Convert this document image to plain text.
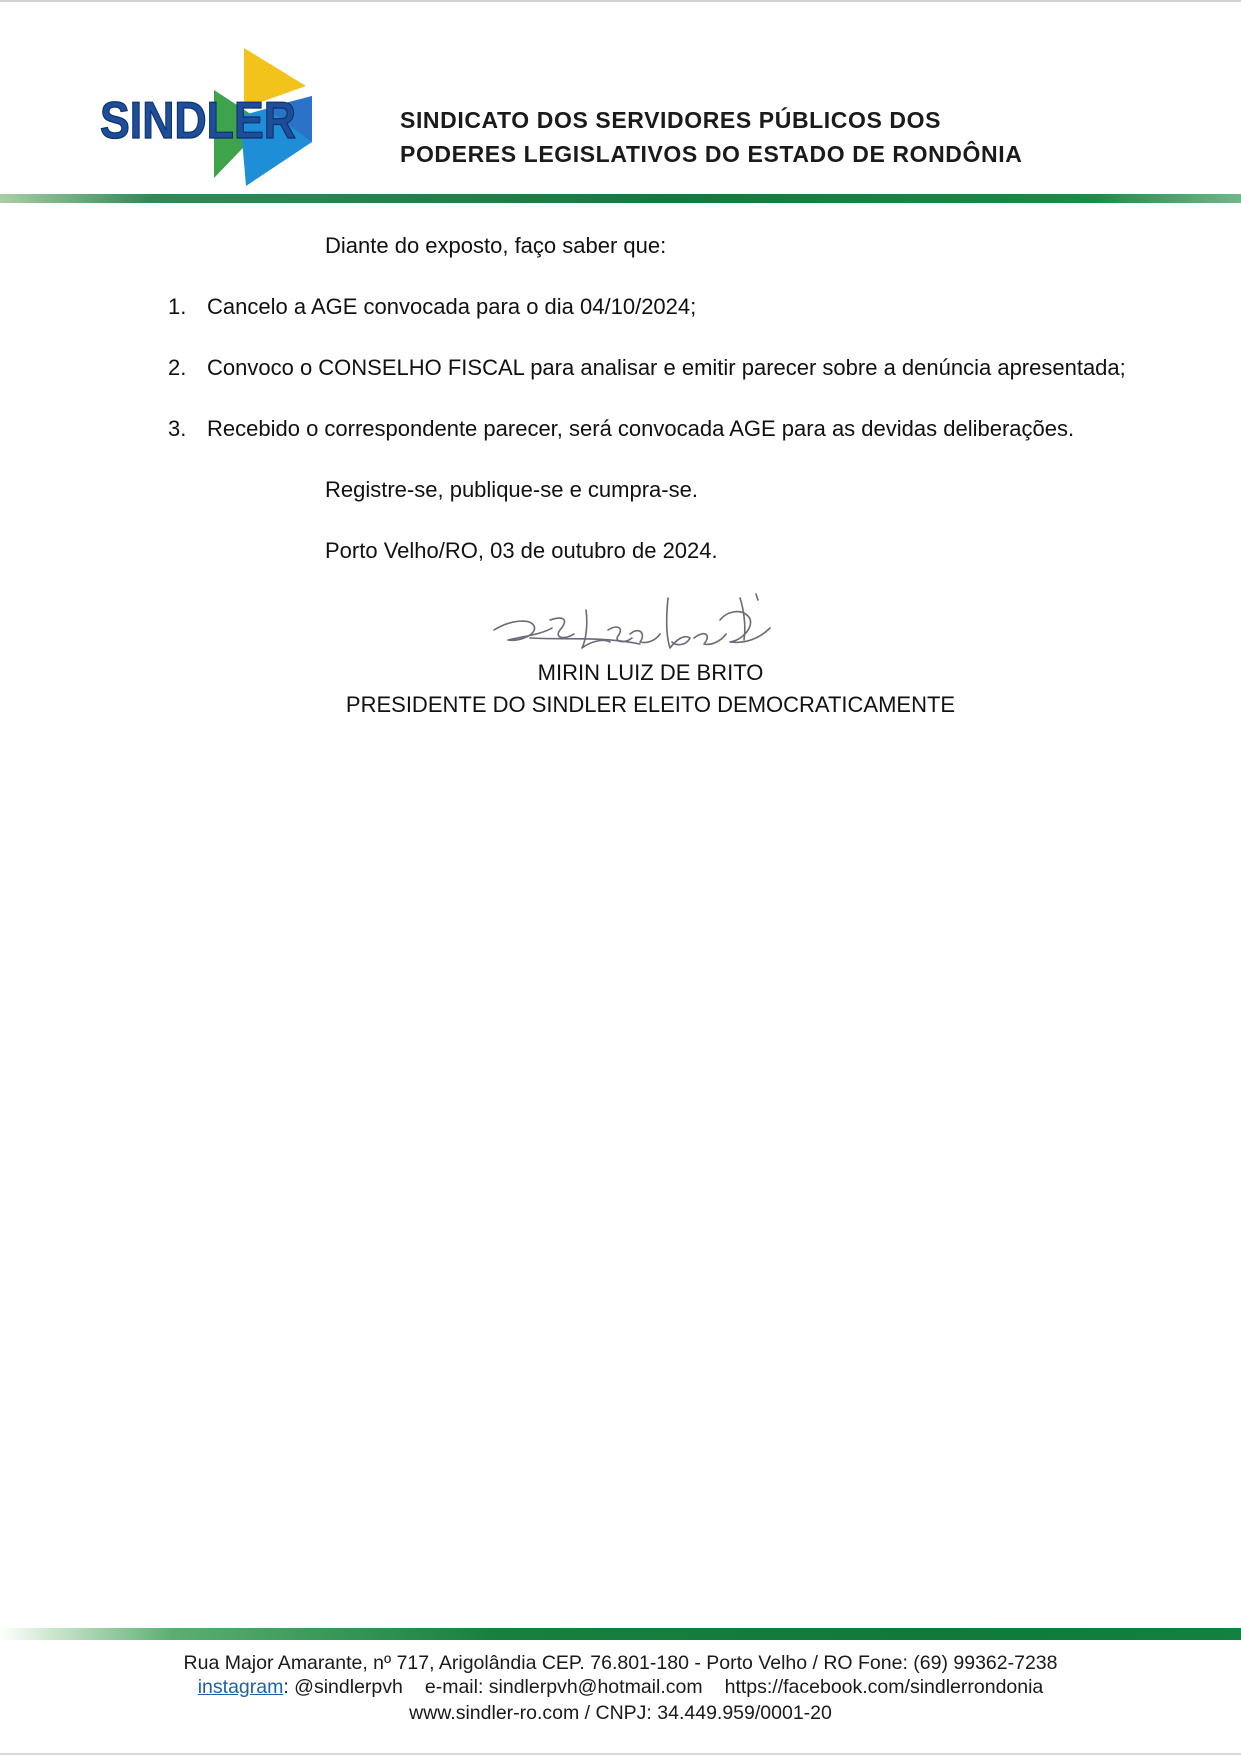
SINDLER	SINDICATO DOS SERVIDORES PÚBLICOS DOS
PODERES LEGISLATIVOS DO ESTADO DE RONDÔNIA
Diante do exposto, faço saber que:
1. Cancelo a AGE convocada para o dia 04/10/2024;
2. Convoco o CONSELHO FISCAL para analisar e emitir parecer sobre a denúncia apresentada;
3. Recebido o correspondente parecer, será convocada AGE para as devidas deliberações.
Registre-se, publique-se e cumpra-se.
Porto Velho/RO, 03 de outubro de 2024.
MIRIN LUIZ DE BRITO
PRESIDENTE DO SINDLER ELEITO DEMOCRATICAMENTE
Rua Major Amarante, nº 717, Arigolândia CEP. 76.801-180 - Porto Velho / RO Fone: (69) 99362-7238
instagram: @sindlerpvh e-mail: sindlerpvh@hotmail.com https://facebook.com/sindlerrondonia
www.sindler-ro.com / CNPJ: 34.449.959/0001-20
